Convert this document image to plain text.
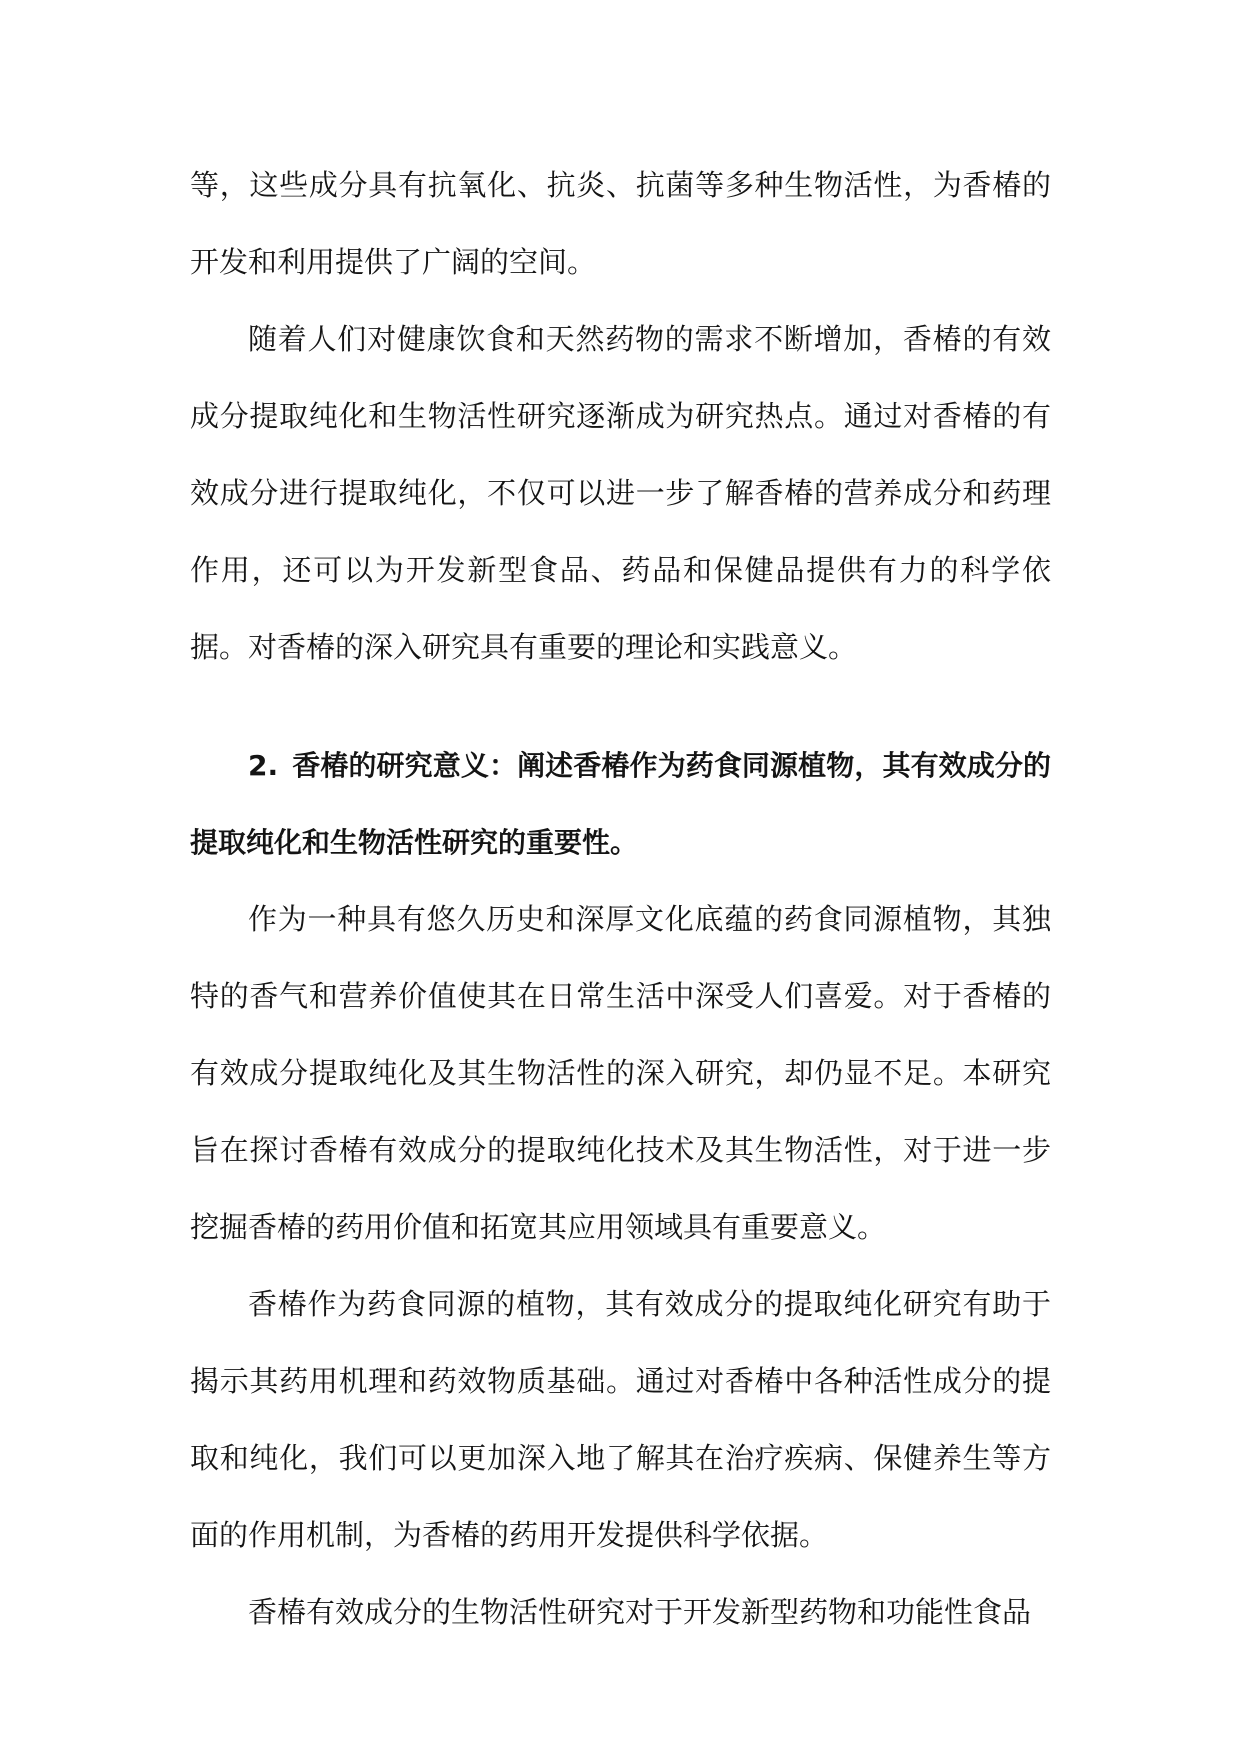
等，这些成分具有抗氧化、抗炎、抗菌等多种生物活性，为香椿的开发和利用提供了广阔的空间。

随着人们对健康饮食和天然药物的需求不断增加，香椿的有效成分提取纯化和生物活性研究逐渐成为研究热点。通过对香椿的有效成分进行提取纯化，不仅可以进一步了解香椿的营养成分和药理作用，还可以为开发新型食品、药品和保健品提供有力的科学依据。对香椿的深入研究具有重要的理论和实践意义。

2. 香椿的研究意义：阐述香椿作为药食同源植物，其有效成分的提取纯化和生物活性研究的重要性。

作为一种具有悠久历史和深厚文化底蕴的药食同源植物，其独特的香气和营养价值使其在日常生活中深受人们喜爱。对于香椿的有效成分提取纯化及其生物活性的深入研究，却仍显不足。本研究旨在探讨香椿有效成分的提取纯化技术及其生物活性，对于进一步挖掘香椿的药用价值和拓宽其应用领域具有重要意义。

香椿作为药食同源的植物，其有效成分的提取纯化研究有助于揭示其药用机理和药效物质基础。通过对香椿中各种活性成分的提取和纯化，我们可以更加深入地了解其在治疗疾病、保健养生等方面的作用机制，为香椿的药用开发提供科学依据。

香椿有效成分的生物活性研究对于开发新型药物和功能性食品
